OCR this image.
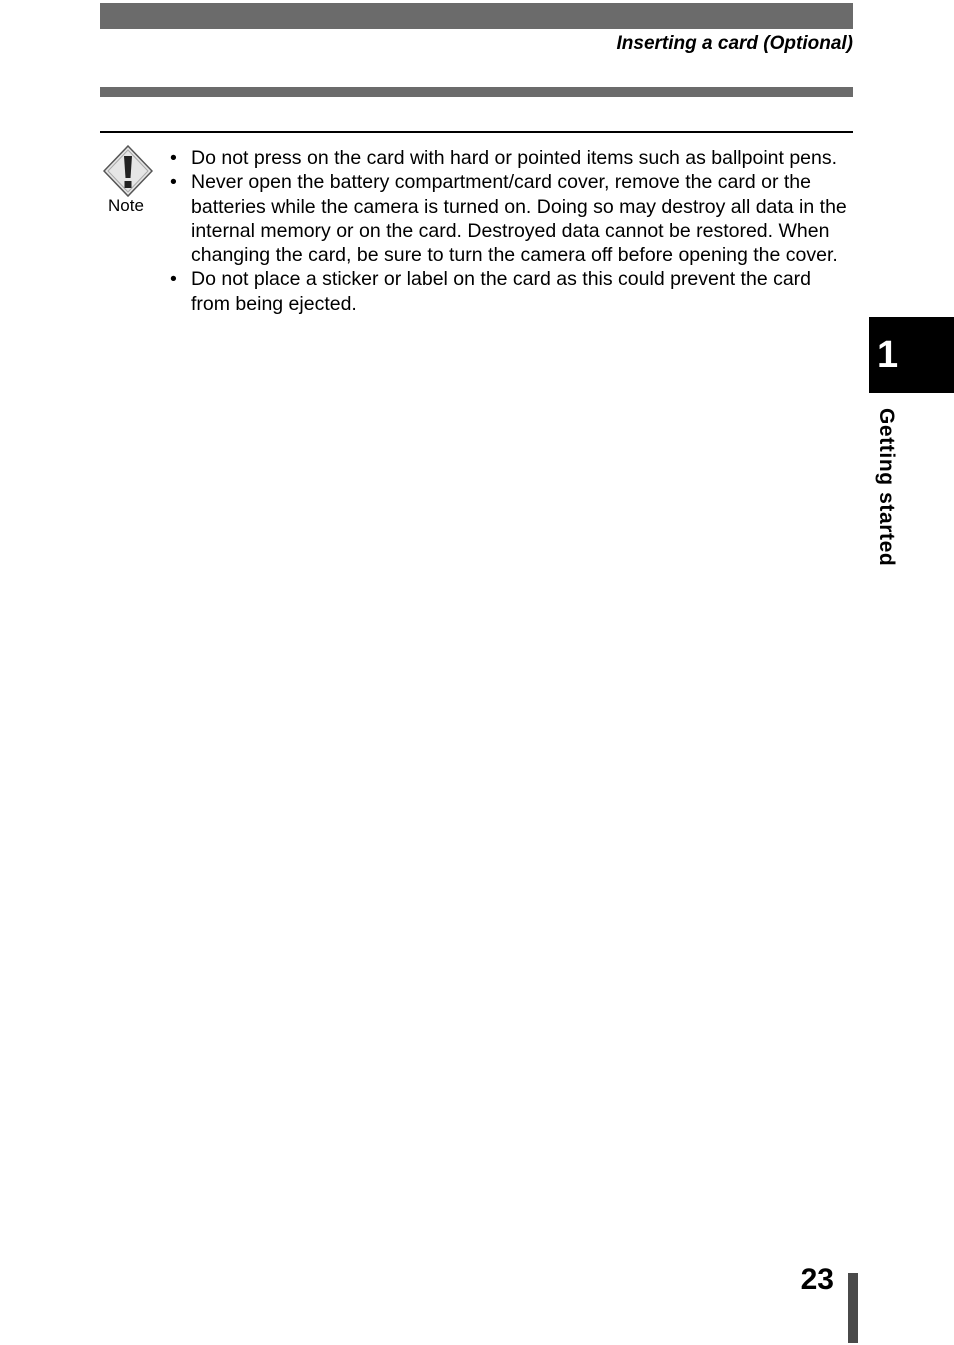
Inserting a card (Optional)
Note
• Do not press on the card with hard or pointed items such as ballpoint pens.
• Never open the battery compartment/card cover, remove the card or the batteries while the camera is turned on. Doing so may destroy all data in the internal memory or on the card. Destroyed data cannot be restored. When changing the card, be sure to turn the camera off before opening the cover.
• Do not place a sticker or label on the card as this could prevent the card from being ejected.
1
Getting started
23
